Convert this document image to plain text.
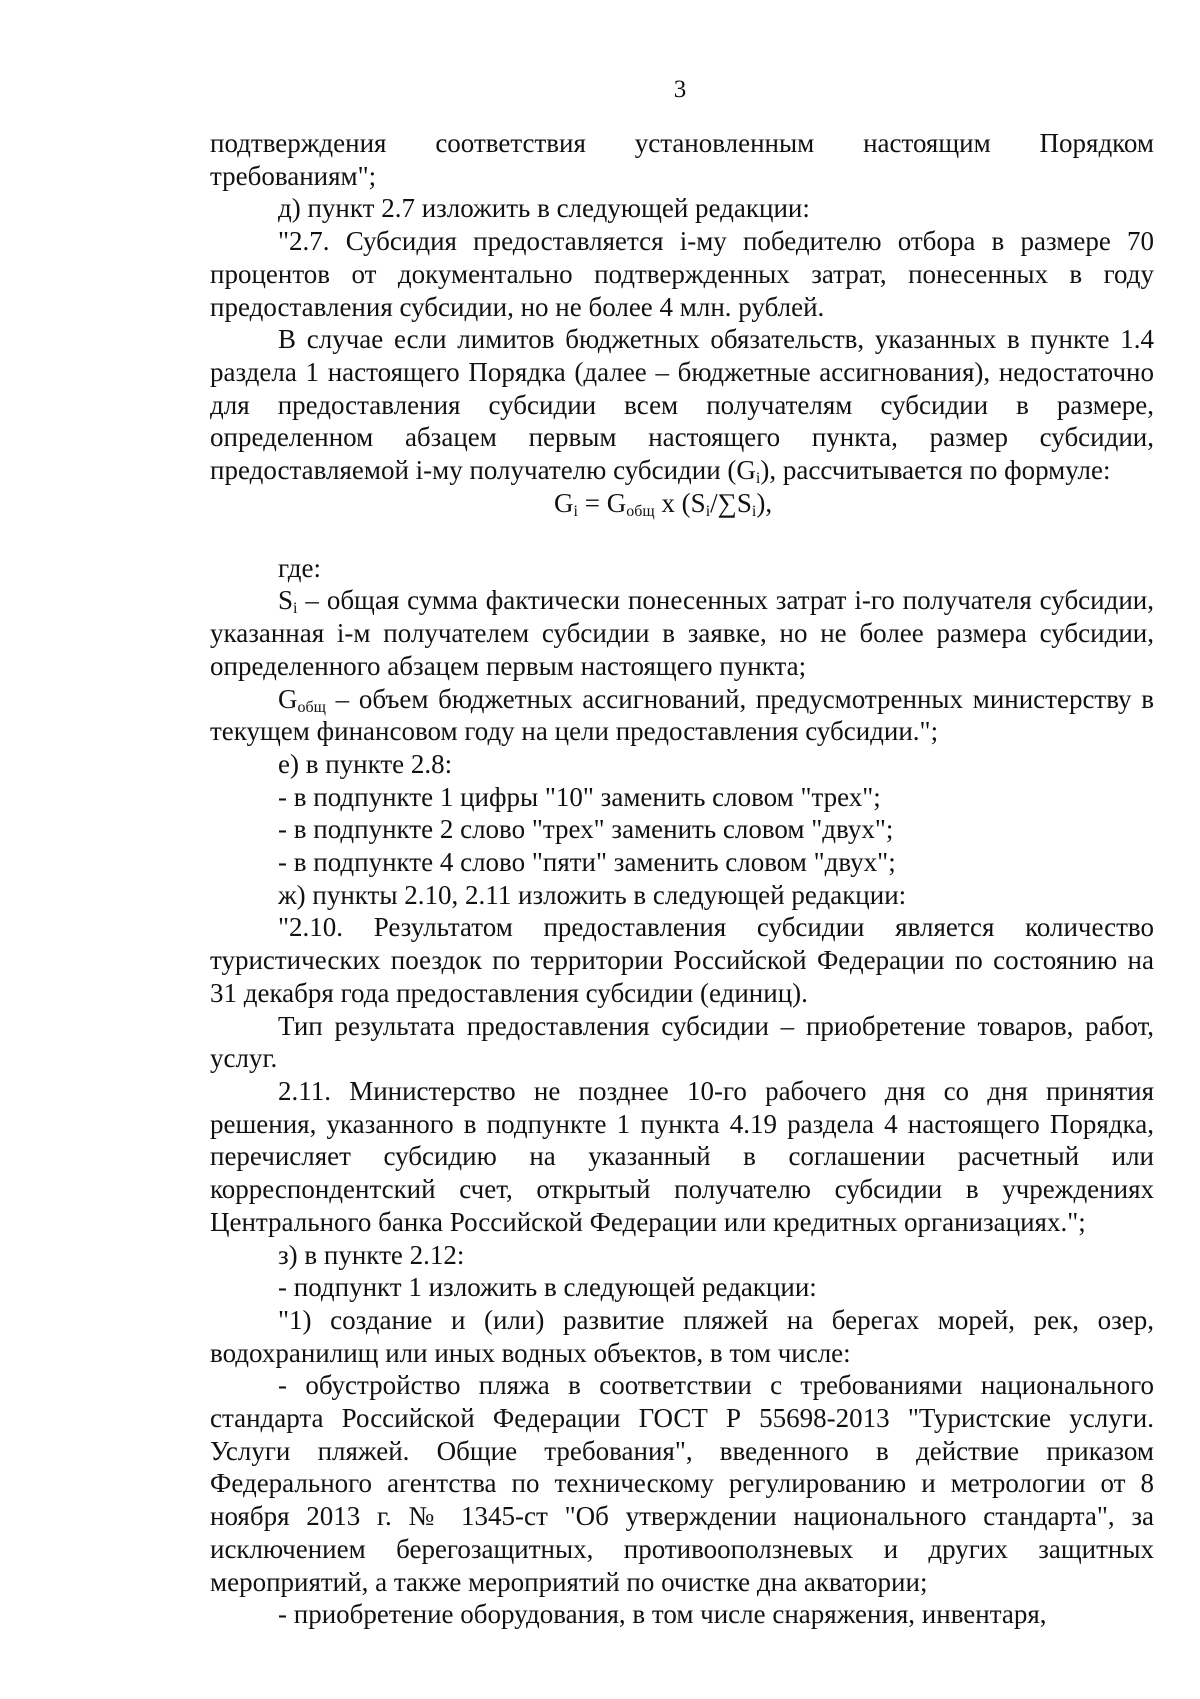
3

подтверждения соответствия установленным настоящим Порядком требованиям";

д) пункт 2.7 изложить в следующей редакции:

"2.7. Субсидия предоставляется i-му победителю отбора в размере 70 процентов от документально подтвержденных затрат, понесенных в году предоставления субсидии, но не более 4 млн. рублей.

В случае если лимитов бюджетных обязательств, указанных в пункте 1.4 раздела 1 настоящего Порядка (далее – бюджетные ассигнования), недостаточно для предоставления субсидии всем получателям субсидии в размере, определенном абзацем первым настоящего пункта, размер субсидии, предоставляемой i-му получателю субсидии $(G_i)$, рассчитывается по формуле:

$G_i = G_{общ}$ x $(S_i/\sum S_i)$,

где:

$S_i$ – общая сумма фактически понесенных затрат i-го получателя субсидии, указанная i-м получателем субсидии в заявке, но не более размера субсидии, определенного абзацем первым настоящего пункта;

$G_{общ}$ – объем бюджетных ассигнований, предусмотренных министерству в текущем финансовом году на цели предоставления субсидии.";

е) в пункте 2.8:

- в подпункте 1 цифры "10" заменить словом "трех";

- в подпункте 2 слово "трех" заменить словом "двух";

- в подпункте 4 слово "пяти" заменить словом "двух";

ж) пункты 2.10, 2.11 изложить в следующей редакции:

"2.10. Результатом предоставления субсидии является количество туристических поездок по территории Российской Федерации по состоянию на 31 декабря года предоставления субсидии (единиц).

Тип результата предоставления субсидии – приобретение товаров, работ, услуг.

2.11. Министерство не позднее 10-го рабочего дня со дня принятия решения, указанного в подпункте 1 пункта 4.19 раздела 4 настоящего Порядка, перечисляет субсидию на указанный в соглашении расчетный или корреспондентский счет, открытый получателю субсидии в учреждениях Центрального банка Российской Федерации или кредитных организациях.";

з) в пункте 2.12:

- подпункт 1 изложить в следующей редакции:

"1) создание и (или) развитие пляжей на берегах морей, рек, озер, водохранилищ или иных водных объектов, в том числе:

- обустройство пляжа в соответствии с требованиями национального стандарта Российской Федерации ГОСТ Р 55698-2013 "Туристские услуги. Услуги пляжей. Общие требования", введенного в действие приказом Федерального агентства по техническому регулированию и метрологии от 8 ноября 2013 г. № 1345-ст "Об утверждении национального стандарта", за исключением берегозащитных, противооползневых и других защитных мероприятий, а также мероприятий по очистке дна акватории;

- приобретение оборудования, в том числе снаряжения, инвентаря,
